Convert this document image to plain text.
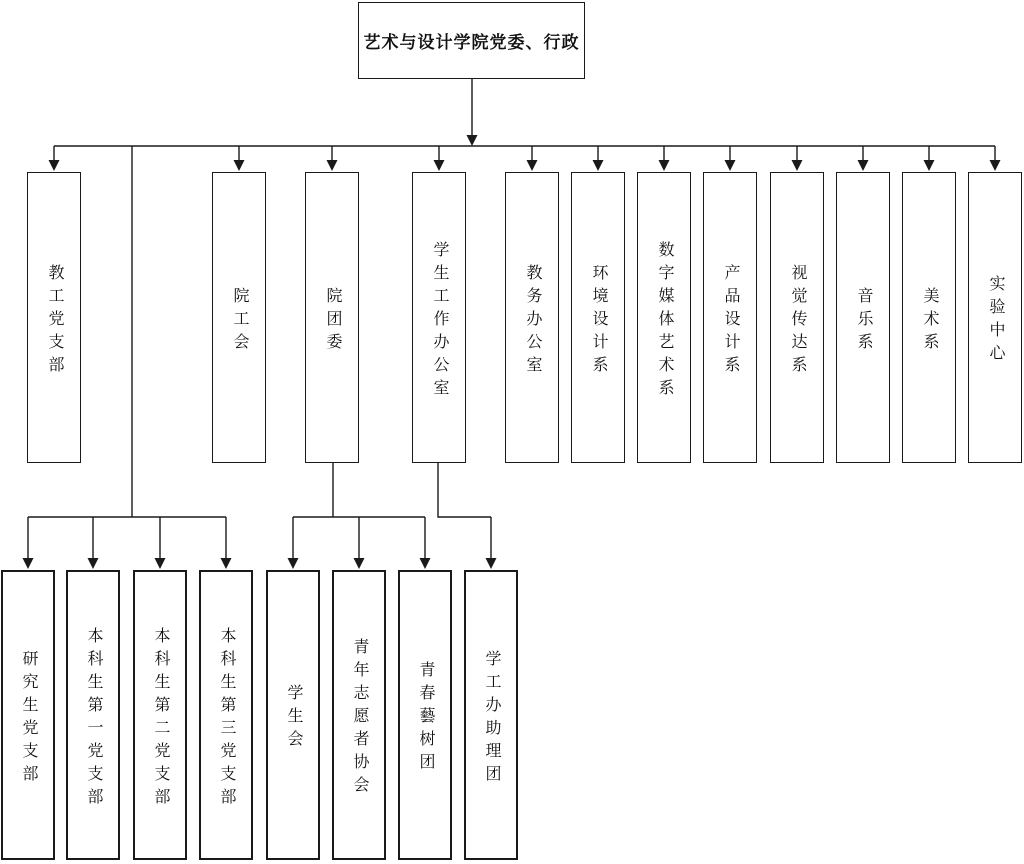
艺术与设计学院党委、行政
教工党支部	院工会	院团委	学生工作办公室	教务办公室	环境设计系	数字媒体艺术系	产品设计系	视觉传达系	音乐系	美术系	实验中心
研究生党支部	本科生第一党支部	本科生第二党支部	本科生第三党支部	学生会	青年志愿者协会	青春藝树团	学工办助理团
